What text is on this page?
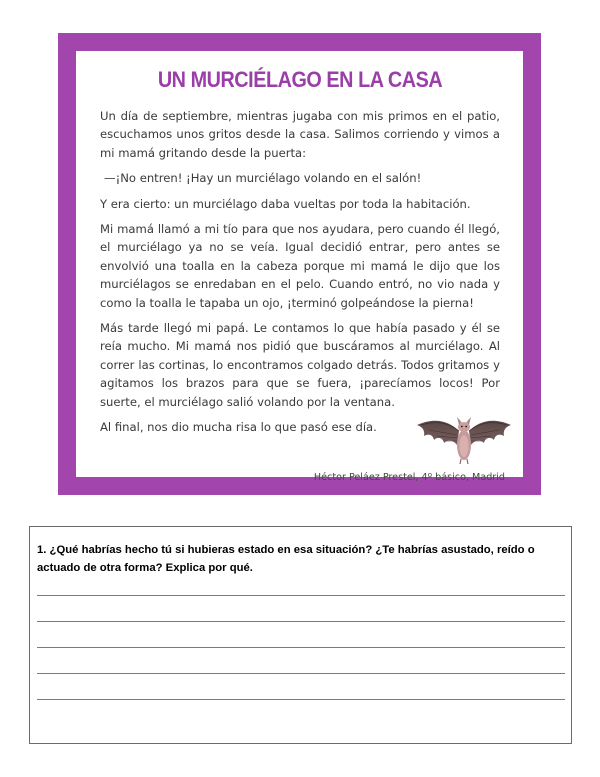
UN MURCIÉLAGO EN LA CASA

Un día de septiembre, mientras jugaba con mis primos en el patio, escuchamos unos gritos desde la casa. Salimos corriendo y vimos a mi mamá gritando desde la puerta:

—¡No entren! ¡Hay un murciélago volando en el salón!

Y era cierto: un murciélago daba vueltas por toda la habitación.

Mi mamá llamó a mi tío para que nos ayudara, pero cuando él llegó, el murciélago ya no se veía. Igual decidió entrar, pero antes se envolvió una toalla en la cabeza porque mi mamá le dijo que los murciélagos se enredaban en el pelo. Cuando entró, no vio nada y como la toalla le tapaba un ojo, ¡terminó golpeándose la pierna!

Más tarde llegó mi papá. Le contamos lo que había pasado y él se reía mucho. Mi mamá nos pidió que buscáramos al murciélago. Al correr las cortinas, lo encontramos colgado detrás. Todos gritamos y agitamos los brazos para que se fuera, ¡parecíamos locos! Por suerte, el murciélago salió volando por la ventana.

Al final, nos dio mucha risa lo que pasó ese día.

Héctor Peláez Prestel, 4º básico, Madrid
1. ¿Qué habrías hecho tú si hubieras estado en esa situación? ¿Te habrías asustado, reído o actuado de otra forma? Explica por qué.
